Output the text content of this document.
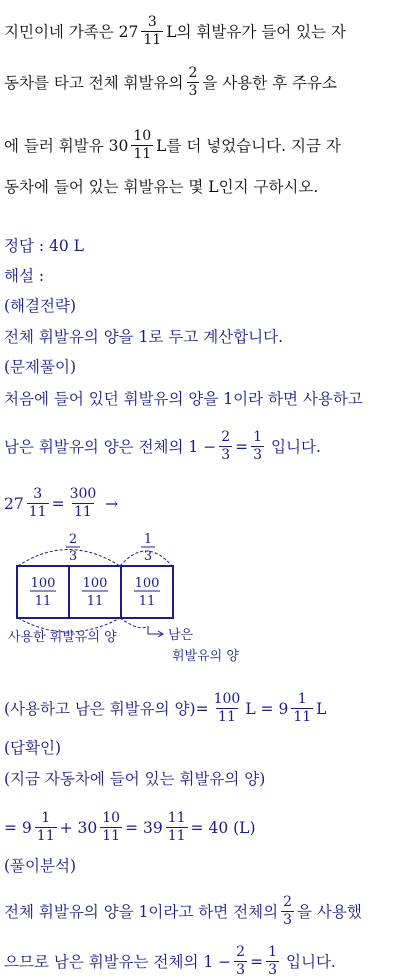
지민이네 가족은 $27 \frac{3}{11}$ L의 휘발유가 들어 있는 자
동차를 타고 전체 휘발유의 $\frac{2}{3}$ 을 사용한 후 주유소
에 들러 휘발유 $30 \frac{10}{11}$ L를 더 넣었습니다. 지금 자
동차에 들어 있는 휘발유는 몇 L인지 구하시오.
정답 : 40 L
해설 :
(해결전략)
전체 휘발유의 양을 1로 두고 계산합니다.
(문제풀이)
처음에 들어 있던 휘발유의 양을 1이라 하면 사용하고
남은 휘발유의 양은 전체의 $1 - \frac{2}{3} = \frac{1}{3}$ 입니다.
$27 \frac{3}{11} = \frac{300}{11}$ →
2
3
1
3
100
11
100
11
100
11
사용한 휘발유의 양	남은
휘발유의 양
(사용하고 남은 휘발유의 양)= $\frac{100}{11}$ $L = 9 \frac{1}{11}$ L
(답확인)
(지금 자동차에 들어 있는 휘발유의 양)
= $9 \frac{1}{11} + 30 \frac{10}{11} = 39 \frac{11}{11} = 40$ (L)
(풀이분석)
전체 휘발유의 양을 1이라고 하면 전체의 $\frac{2}{3}$ 을 사용했
으므로 남은 휘발유는 전체의 $1 - \frac{2}{3} = \frac{1}{3}$ 입니다.
